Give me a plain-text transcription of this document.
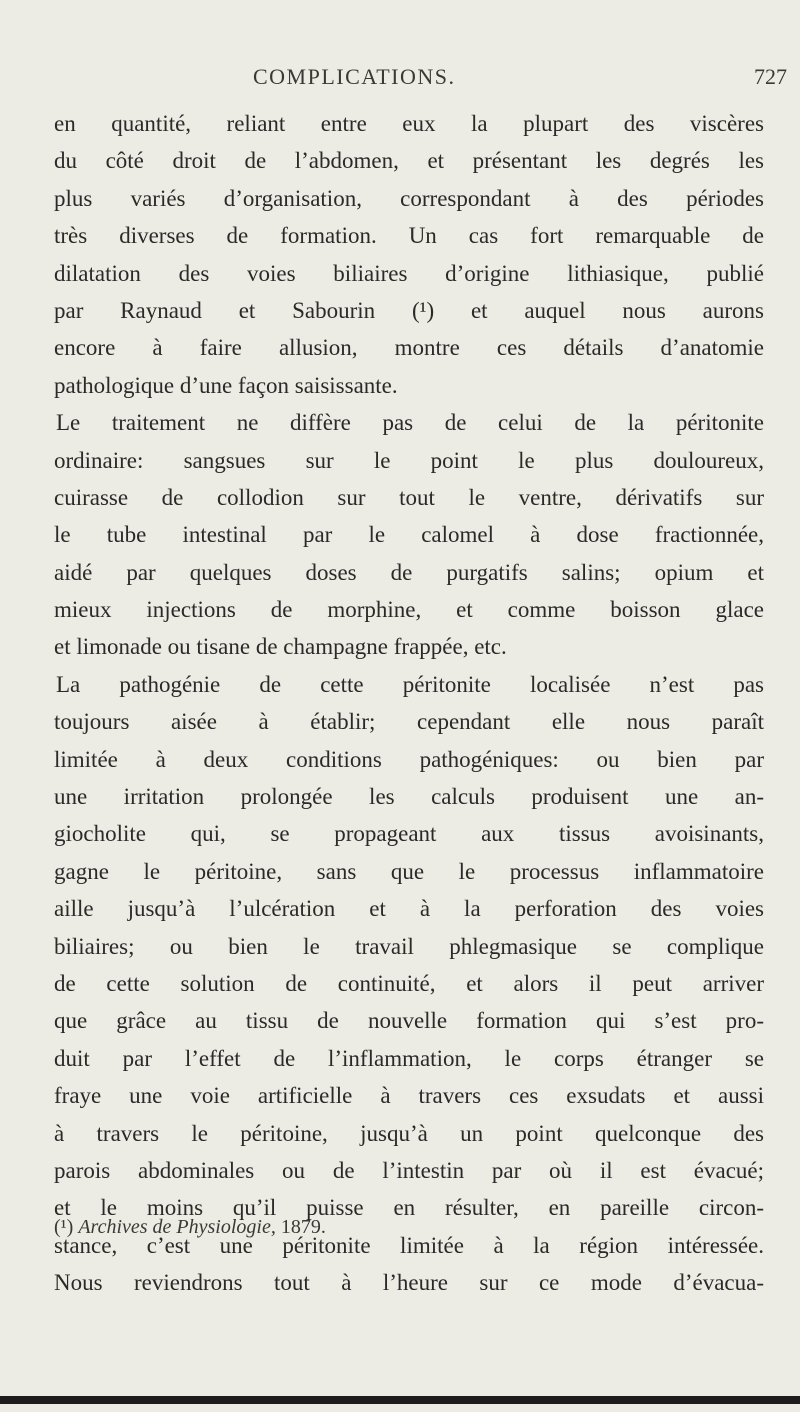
COMPLICATIONS.	727
en quantité, reliant entre eux la plupart des viscères
du côté droit de l’abdomen, et présentant les degrés les
plus variés d’organisation, correspondant à des périodes
très diverses de formation. Un cas fort remarquable de
dilatation des voies biliaires d’origine lithiasique, publié
par Raynaud et Sabourin (¹) et auquel nous aurons
encore à faire allusion, montre ces détails d’anatomie
pathologique d’une façon saisissante.
Le traitement ne diffère pas de celui de la péritonite
ordinaire: sangsues sur le point le plus douloureux,
cuirasse de collodion sur tout le ventre, dérivatifs sur
le tube intestinal par le calomel à dose fractionnée,
aidé par quelques doses de purgatifs salins; opium et
mieux injections de morphine, et comme boisson glace
et limonade ou tisane de champagne frappée, etc.
La pathogénie de cette péritonite localisée n’est pas
toujours aisée à établir; cependant elle nous paraît
limitée à deux conditions pathogéniques: ou bien par
une irritation prolongée les calculs produisent une an-
giocholite qui, se propageant aux tissus avoisinants,
gagne le péritoine, sans que le processus inflammatoire
aille jusqu’à l’ulcération et à la perforation des voies
biliaires; ou bien le travail phlegmasique se complique
de cette solution de continuité, et alors il peut arriver
que grâce au tissu de nouvelle formation qui s’est pro-
duit par l’effet de l’inflammation, le corps étranger se
fraye une voie artificielle à travers ces exsudats et aussi
à travers le péritoine, jusqu’à un point quelconque des
parois abdominales ou de l’intestin par où il est évacué;
et le moins qu’il puisse en résulter, en pareille circon-
stance, c’est une péritonite limitée à la région intéressée.
Nous reviendrons tout à l’heure sur ce mode d’évacua-
(¹) Archives de Physiologie, 1879.
